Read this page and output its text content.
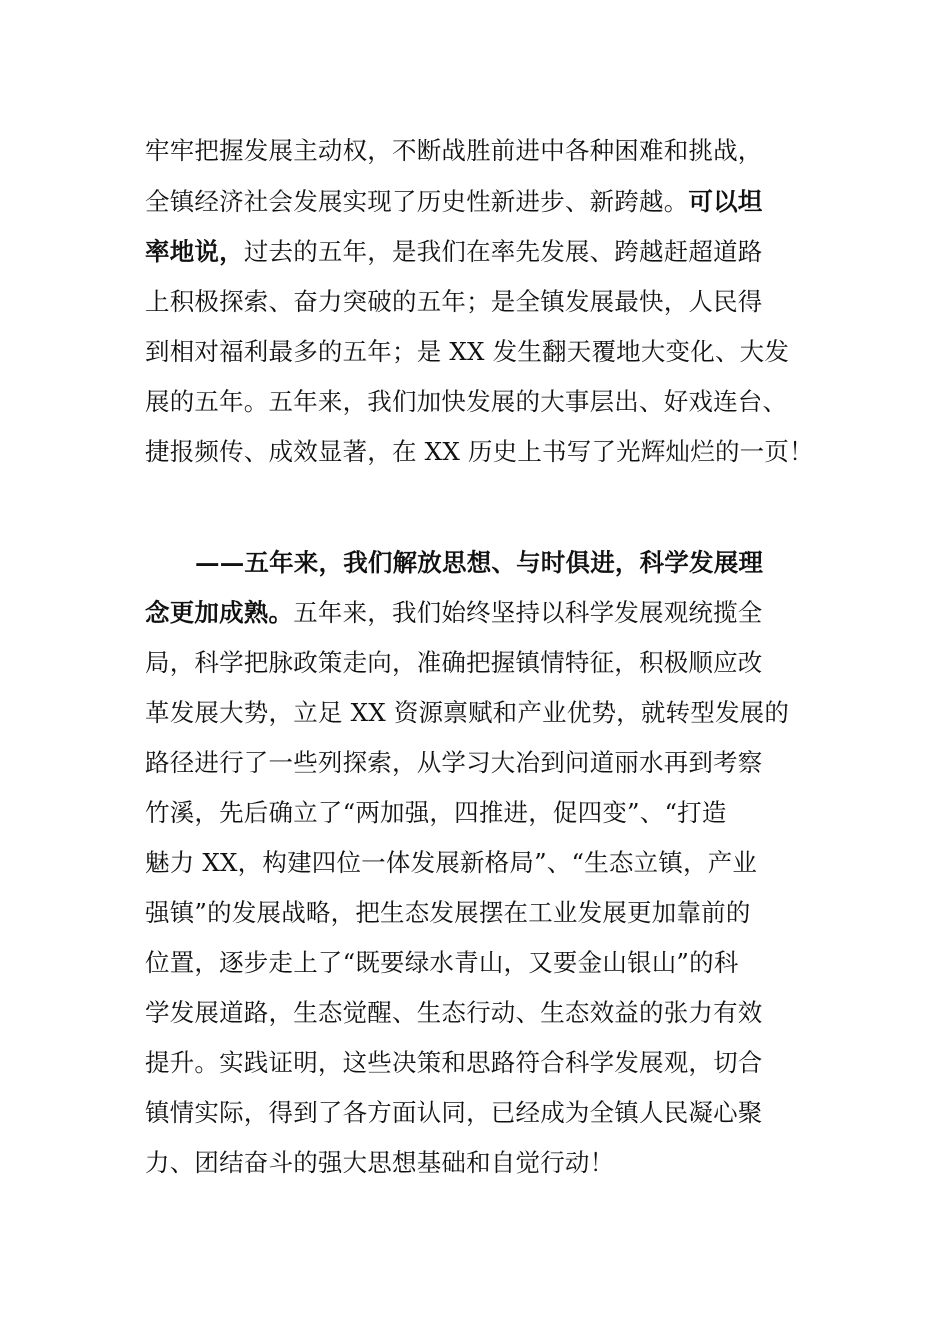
牢牢把握发展主动权，不断战胜前进中各种困难和挑战，
全镇经济社会发展实现了历史性新进步、新跨越。可以坦
率地说，过去的五年，是我们在率先发展、跨越赶超道路
上积极探索、奋力突破的五年；是全镇发展最快，人民得
到相对福利最多的五年；是 XX 发生翻天覆地大变化、大发
展的五年。五年来，我们加快发展的大事层出、好戏连台、
捷报频传、成效显著，在 XX 历史上书写了光辉灿烂的一页！
——五年来，我们解放思想、与时俱进，科学发展理
念更加成熟。五年来，我们始终坚持以科学发展观统揽全
局，科学把脉政策走向，准确把握镇情特征，积极顺应改
革发展大势，立足 XX 资源禀赋和产业优势，就转型发展的
路径进行了一些列探索，从学习大冶到问道丽水再到考察
竹溪，先后确立了“两加强，四推进，促四变”、“打造
魅力 XX，构建四位一体发展新格局”、“生态立镇，产业
强镇”的发展战略，把生态发展摆在工业发展更加靠前的
位置，逐步走上了“既要绿水青山，又要金山银山”的科
学发展道路，生态觉醒、生态行动、生态效益的张力有效
提升。实践证明，这些决策和思路符合科学发展观，切合
镇情实际，得到了各方面认同，已经成为全镇人民凝心聚
力、团结奋斗的强大思想基础和自觉行动！
